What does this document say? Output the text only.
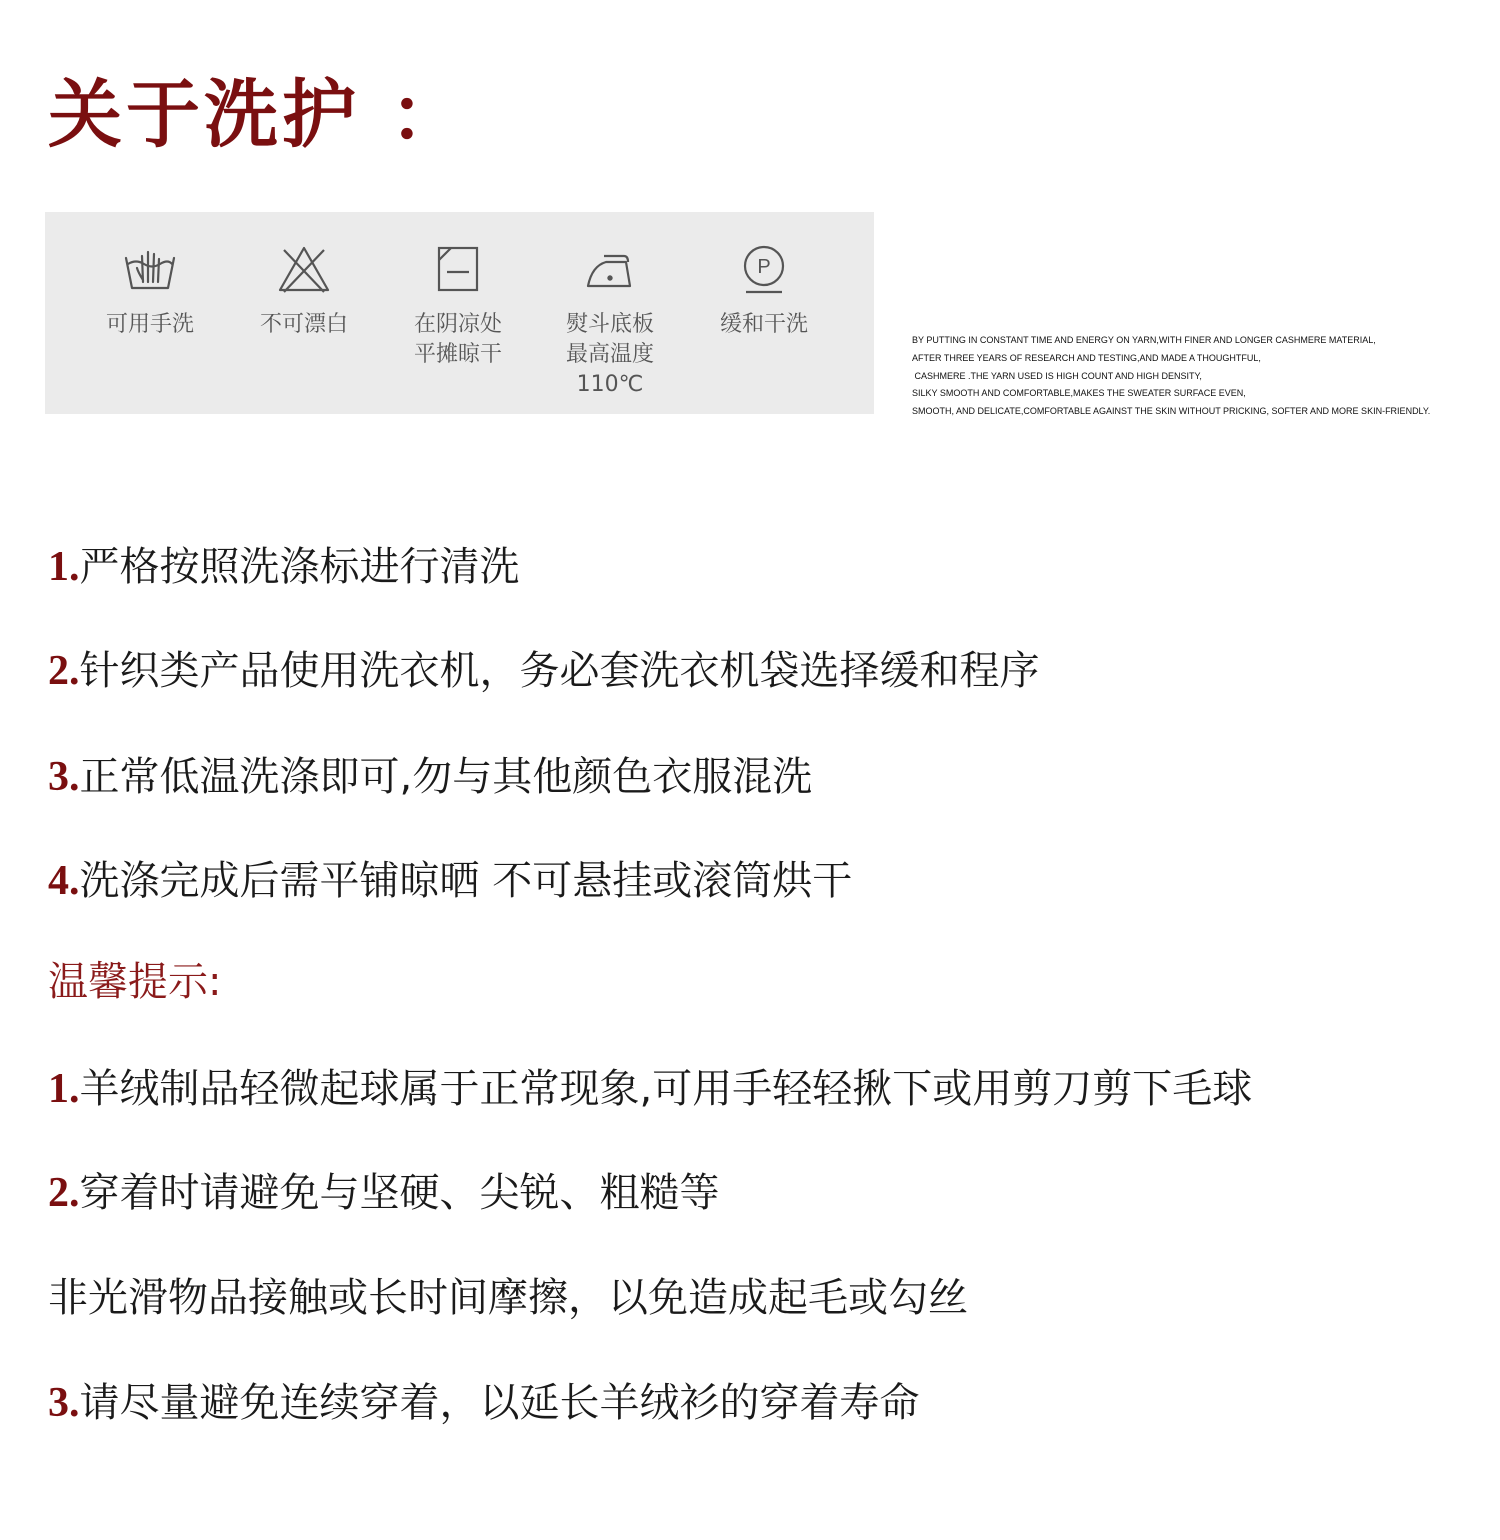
关于洗护 ：
可用手洗	不可漂白	在阴凉处
平摊晾干
熨斗底板
最高温度
110℃
P
缓和干洗
BY PUTTING IN CONSTANT TIME AND ENERGY ON YARN,WITH FINER AND LONGER CASHMERE MATERIAL,
AFTER THREE YEARS OF RESEARCH AND TESTING,AND MADE A THOUGHTFUL,
CASHMERE .THE YARN USED IS HIGH COUNT AND HIGH DENSITY,
SILKY SMOOTH AND COMFORTABLE,MAKES THE SWEATER SURFACE EVEN,
SMOOTH, AND DELICATE,COMFORTABLE AGAINST THE SKIN WITHOUT PRICKING, SOFTER AND MORE SKIN-FRIENDLY.
1.严格按照洗涤标进行清洗
2.针织类产品使用洗衣机，务必套洗衣机袋选择缓和程序
3.正常低温洗涤即可,勿与其他颜色衣服混洗
4.洗涤完成后需平铺晾晒 不可悬挂或滚筒烘干
温馨提示:
1.羊绒制品轻微起球属于正常现象,可用手轻轻揪下或用剪刀剪下毛球
2.穿着时请避免与坚硬、尖锐、粗糙等
非光滑物品接触或长时间摩擦，以免造成起毛或勾丝
3.请尽量避免连续穿着，以延长羊绒衫的穿着寿命
